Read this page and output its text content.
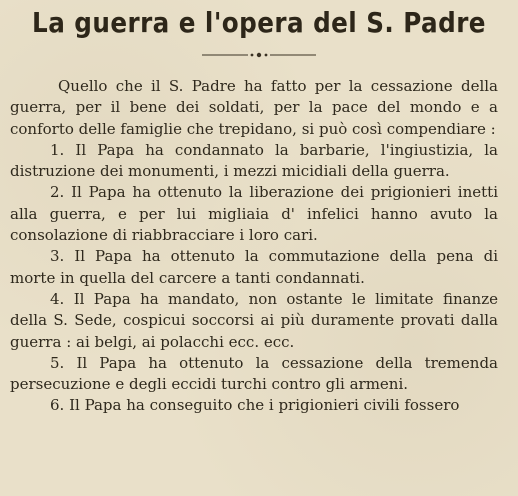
La guerra e l'opera del S. Padre

Quello che il S. Padre ha fatto per la cessazione della guerra, per il bene dei soldati, per la pace del mondo e a conforto delle famiglie che trepidano, si può così compendiare :

1. Il Papa ha condannato la barbarie, l'ingiustizia, la distruzione dei monumenti, i mezzi micidiali della guerra.

2. Il Papa ha ottenuto la liberazione dei prigionieri inetti alla guerra, e per lui migliaia d' infelici hanno avuto la consolazione di riabbracciare i loro cari.

3. Il Papa ha ottenuto la commutazione della pena di morte in quella del carcere a tanti condannati.

4. Il Papa ha mandato, non ostante le limitate finanze della S. Sede, cospicui soccorsi ai più duramente provati dalla guerra : ai belgi, ai polacchi ecc. ecc.

5. Il Papa ha ottenuto la cessazione della tremenda persecuzione e degli eccidi turchi contro gli armeni.

6. Il Papa ha conseguito che i prigionieri civili fossero
